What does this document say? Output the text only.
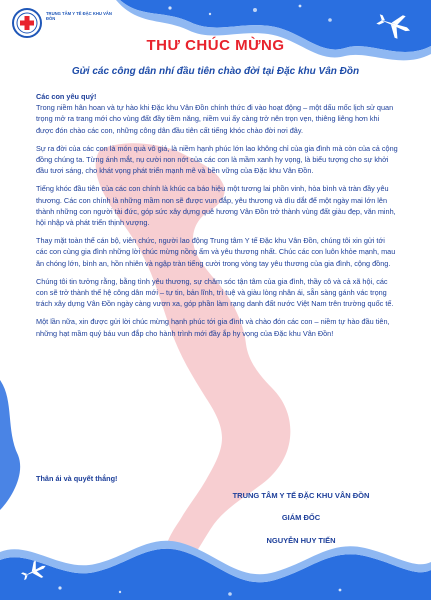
TRUNG TÂM Y TẾ ĐẶC KHU VÂN ĐỒN
THƯ CHÚC MỪNG
Gửi các công dân nhí đầu tiên chào đời tại Đặc khu Vân Đồn

Các con yêu quý!

Trong niềm hân hoan và tự hào khi Đặc khu Vân Đồn chính thức đi vào hoạt động – một dấu mốc lịch sử quan trọng mở ra trang mới cho vùng đất đầy tiềm năng, niềm vui ấy càng trở nên trọn vẹn, thiêng liêng hơn khi được đón chào các con, những công dân đầu tiên cất tiếng khóc chào đời nơi đây.

Sự ra đời của các con là món quà vô giá, là niềm hạnh phúc lớn lao không chỉ của gia đình mà còn của cả cộng đồng chúng ta. Từng ánh mắt, nụ cười non nớt của các con là mầm xanh hy vọng, là biểu tượng cho sự khởi đầu tươi sáng, cho khát vọng phát triển mạnh mẽ và bền vững của Đặc khu Vân Đồn.

Tiếng khóc đầu tiên của các con chính là khúc ca báo hiệu một tương lai phồn vinh, hòa bình và tràn đầy yêu thương. Các con chính là những mầm non sẽ được vun đắp, yêu thương và dìu dắt để một ngày mai lớn lên thành những con người tài đức, góp sức xây dựng quê hương Vân Đồn trở thành vùng đất giàu đẹp, văn minh, hội nhập và phát triển thịnh vượng.

Thay mặt toàn thể cán bộ, viên chức, người lao động Trung tâm Y tế Đặc khu Vân Đồn, chúng tôi xin gửi tới các con cùng gia đình những lời chúc mừng nồng ấm và yêu thương nhất. Chúc các con luôn khỏe mạnh, mau ăn chóng lớn, bình an, hồn nhiên và ngập tràn tiếng cười trong vòng tay yêu thương của gia đình, cộng đồng.

Chúng tôi tin tưởng rằng, bằng tình yêu thương, sự chăm sóc tận tâm của gia đình, thầy cô và cả xã hội, các con sẽ trở thành thế hệ công dân mới – tự tin, bản lĩnh, trí tuệ và giàu lòng nhân ái, sẵn sàng gánh vác trọng trách xây dựng Vân Đồn ngày càng vươn xa, góp phần làm rạng danh đất nước Việt Nam trên trường quốc tế.

Một lần nữa, xin được gửi lời chúc mừng hạnh phúc tới gia đình và chào đón các con – niềm tự hào đầu tiên, những hạt mầm quý báu vun đắp cho hành trình mới đầy ắp hy vọng của Đặc khu Vân Đồn!

Thân ái và quyết thắng!
TRUNG TÂM Y TẾ ĐẶC KHU VÂN ĐỒN
GIÁM ĐỐC
NGUYỄN HUY TIẾN
